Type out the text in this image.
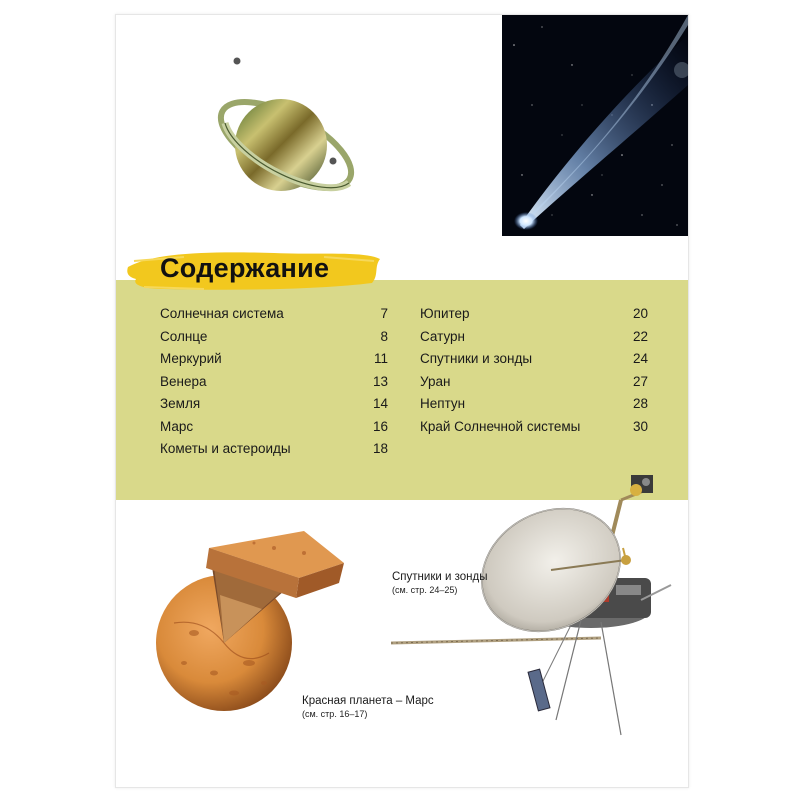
Содержание
Солнечная система	7
Солнце	8
Меркурий	11
Венера	13
Земля	14
Марс	16
Кометы и астероиды	18
Юпитер	20
Сатурн	22
Спутники и зонды	24
Уран	27
Нептун	28
Край Солнечной системы	30
Спутники и зонды
(см. стр. 24–25)
Красная планета – Марс
(см. стр. 16–17)
